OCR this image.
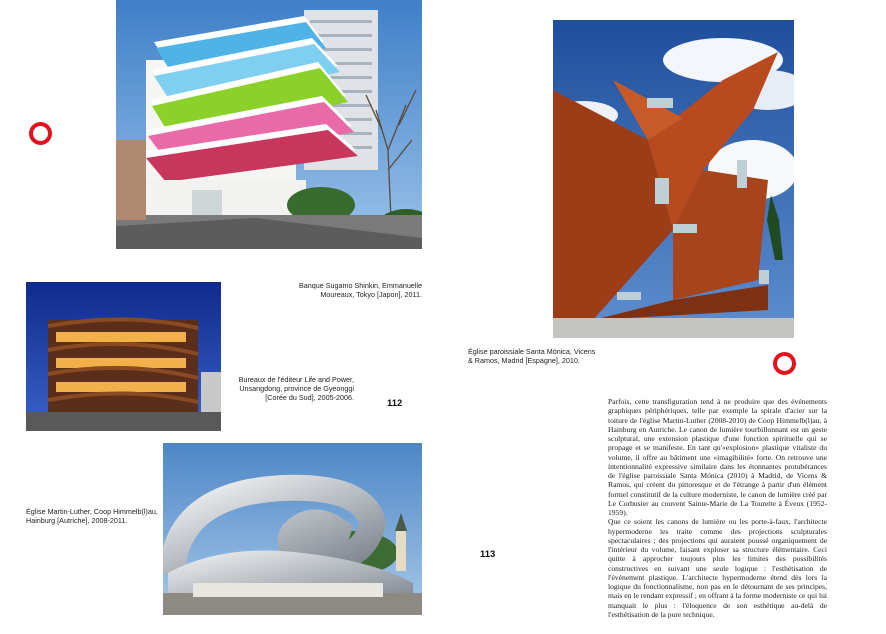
Banque Sugamo Shinkin, Emmanuelle
Moureaux, Tokyo [Japon], 2011.
Bureaux de l'éditeur Life and Power,
Unsangdong, province de Gyeonggi
[Corée du Sud], 2005-2006.
Église Martin-Luther, Coop Himmelb(l)au,
Hainburg [Autriche], 2008-2011.
Église paroissiale Santa Mónica, Vicens
& Ramos, Madrid [Espagne], 2010.
112
113

Parfois, cette transfiguration tend à ne produire que des événements graphiques périphériques, telle par exemple la spirale d'acier sur la toiture de l'église Martin-Luther (2008-2010) de Coop Himmelb(l)au, à Hainburg en Autriche. Le canon de lumière tourbillonnant est un geste sculptural, une extension plastique d'une fonction spirituelle qui se propage et se manifeste. En tant qu'«explosion» plastique vitaliste du volume, il offre au bâtiment une «imagibilité» forte. On retrouve une intentionnalité expressive similaire dans les étonnantes protubérances de l'église paroissiale Santa Mónica (2010) à Madrid, de Vicens & Ramos, qui créent du pittoresque et de l'étrange à partir d'un élément formel constitutif de la culture moderniste, le canon de lumière créé par Le Corbusier au couvent Sainte-Marie de La Tourette à Éveux (1952-1959).

Que ce soient les canons de lumière ou les porte-à-faux, l'architecte hypermoderne les traite comme des projections sculpturales spectaculaires ; des projections qui auraient poussé organiquement de l'intérieur du volume, faisant exploser sa structure élémentaire. Ceci quitte à approcher toujours plus les limites des possibilités constructives en suivant une seule logique : l'esthétisation de l'événement plastique. L'architecte hypermoderne étend dès lors la logique du fonctionnalisme, non pas en le détournant de ses principes, mais en le rendant expressif ; en offrant à la forme moderniste ce qui lui manquait le plus : l'éloquence de son esthétique au-delà de l'esthétisation de la pure technique.
